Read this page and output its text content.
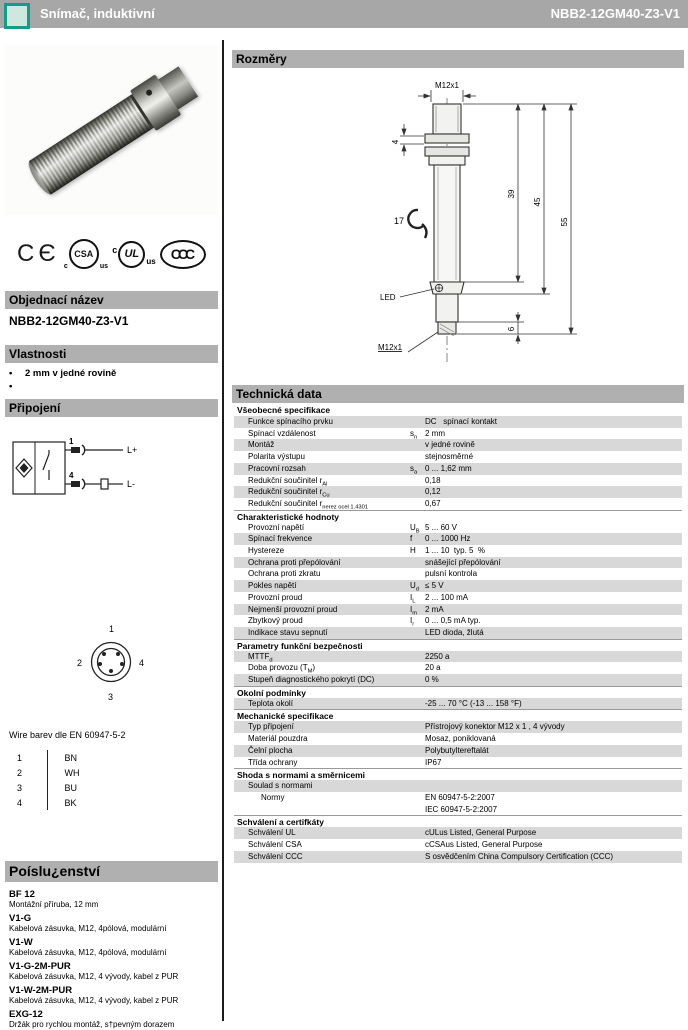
Snímač, induktivní	NBB2-12GM40-Z3-V1
CЄ c
CSA
us
c UL
us	CCC
Objednací název
NBB2-12GM40-Z3-V1
Vlastnosti
•	2 mm v jedné rovině
•
Připojení
1
L+
4
L-
1
2
3
4
Wire barev dle EN 60947-5-2
1	BN
2	WH
3	BU
4	BK
Poíslu¿enství
BF 12
Montážní příruba, 12 mm
V1-G
Kabelová zásuvka, M12, 4pólová, modulární
V1-W
Kabelová zásuvka, M12, 4pólová, modulární
V1-G-2M-PUR
Kabelová zásuvka, M12, 4 vývody, kabel z PUR
V1-W-2M-PUR
Kabelová zásuvka, M12, 4 vývody, kabel z PUR
EXG-12
Držák pro rychlou montáž, s†pevným dorazem
Rozměry
M12x1
LED
M12x1
4
17
39
45
55
6
Technická data
Všeobecné specifikace
Funkce spínacího prvku	DC   spínací kontakt
Spínací vzdálenost	$s_n$ 2 mm
Montáž	v jedné rovině
Polarita výstupu	stejnosměrné
Pracovní rozsah	$s_a$ 0 ... 1,62 mm
Redukční součinitel $r_{Al}$	0,18
Redukční součinitel $r_{Cu}$	0,12
Redukční součinitel $r_{nerez ocel 1.4301}$	0,67
Charakteristické hodnoty
Provozní napětí	$U_B$ 5 ... 60 V
Spínací frekvence	f	0 ... 1000 Hz
Hystereze	H	1 ... 10  typ. 5  %
Ochrana proti přepólování	snášející přepólování
Ochrana proti zkratu	pulsní kontrola
Pokles napětí	$U_d \le 5$ V
Provozní proud	$I_L$	2 ... 100 mA
Nejmenší provozní proud	$I_m$ 2 mA
Zbytkový proud	$I_r$	0 ... 0,5 mA typ.
Indikace stavu sepnutí	LED dioda, žlutá
Parametry funkční bezpečnosti
$MTTF_d$	2250 a
Doba provozu $(T_M)$	20 a
Stupeň diagnostického pokrytí (DC)	0 %
Okolní podmínky
Teplota okolí	-25 ... 70 °C (-13 ... 158 °F)
Mechanické specifikace
Typ připojení	Přístrojový konektor M12 x 1 , 4 vývody
Materiál pouzdra	Mosaz, poniklovaná
Čelní plocha	Polybutyltereftalát
Třída ochrany	IP67
Shoda s normami a směrnicemi
Soulad s normami
Normy	EN 60947-5-2:2007
IEC 60947-5-2:2007
Schválení a certifkáty
Schválení UL	cULus Listed, General Purpose
Schválení CSA	cCSAus Listed, General Purpose
Schválení CCC	S osvědčením China Compulsory Certification (CCC)
